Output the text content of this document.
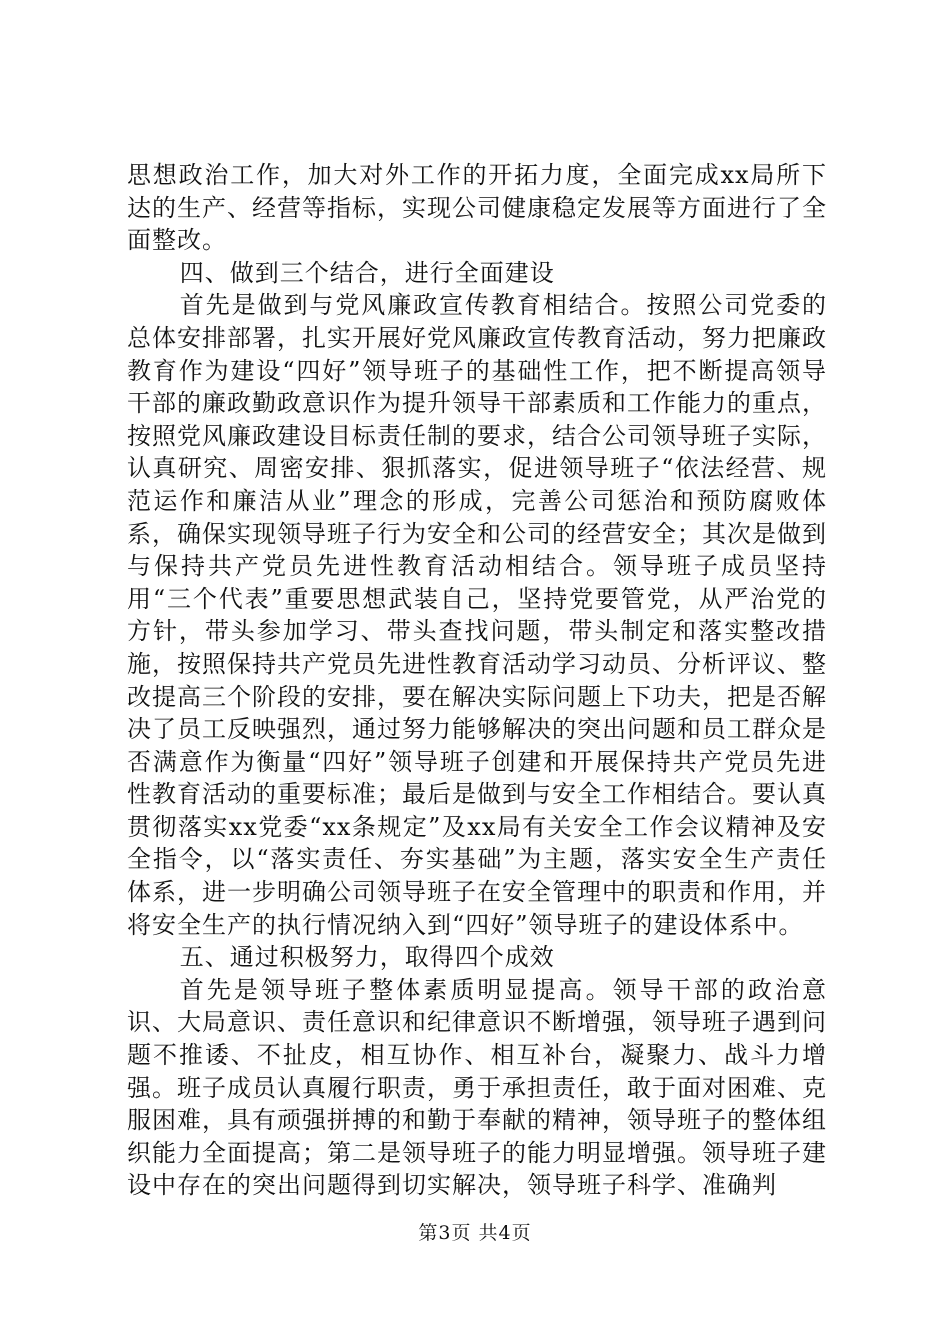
思想政治工作，加大对外工作的开拓力度，全面完成xx局所下达的生产、经营等指标，实现公司健康稳定发展等方面进行了全面整改。

四、做到三个结合，进行全面建设

首先是做到与党风廉政宣传教育相结合。按照公司党委的总体安排部署，扎实开展好党风廉政宣传教育活动，努力把廉政教育作为建设“四好”领导班子的基础性工作，把不断提高领导干部的廉政勤政意识作为提升领导干部素质和工作能力的重点，按照党风廉政建设目标责任制的要求，结合公司领导班子实际，认真研究、周密安排、狠抓落实，促进领导班子“依法经营、规范运作和廉洁从业”理念的形成，完善公司惩治和预防腐败体系，确保实现领导班子行为安全和公司的经营安全；其次是做到与保持共产党员先进性教育活动相结合。领导班子成员坚持用“三个代表”重要思想武装自己，坚持党要管党，从严治党的方针，带头参加学习、带头查找问题，带头制定和落实整改措施，按照保持共产党员先进性教育活动学习动员、分析评议、整改提高三个阶段的安排，要在解决实际问题上下功夫，把是否解决了员工反映强烈，通过努力能够解决的突出问题和员工群众是否满意作为衡量“四好”领导班子创建和开展保持共产党员先进性教育活动的重要标准；最后是做到与安全工作相结合。要认真贯彻落实xx党委“xx条规定”及xx局有关安全工作会议精神及安全指令，以“落实责任、夯实基础”为主题，落实安全生产责任体系，进一步明确公司领导班子在安全管理中的职责和作用，并将安全生产的执行情况纳入到“四好”领导班子的建设体系中。

五、通过积极努力，取得四个成效

首先是领导班子整体素质明显提高。领导干部的政治意识、大局意识、责任意识和纪律意识不断增强，领导班子遇到问题不推诿、不扯皮，相互协作、相互补台，凝聚力、战斗力增强。班子成员认真履行职责，勇于承担责任，敢于面对困难、克服困难，具有顽强拼搏的和勤于奉献的精神，领导班子的整体组织能力全面提高；第二是领导班子的能力明显增强。领导班子建设中存在的突出问题得到切实解决，领导班子科学、准确判

第3页 共4页
